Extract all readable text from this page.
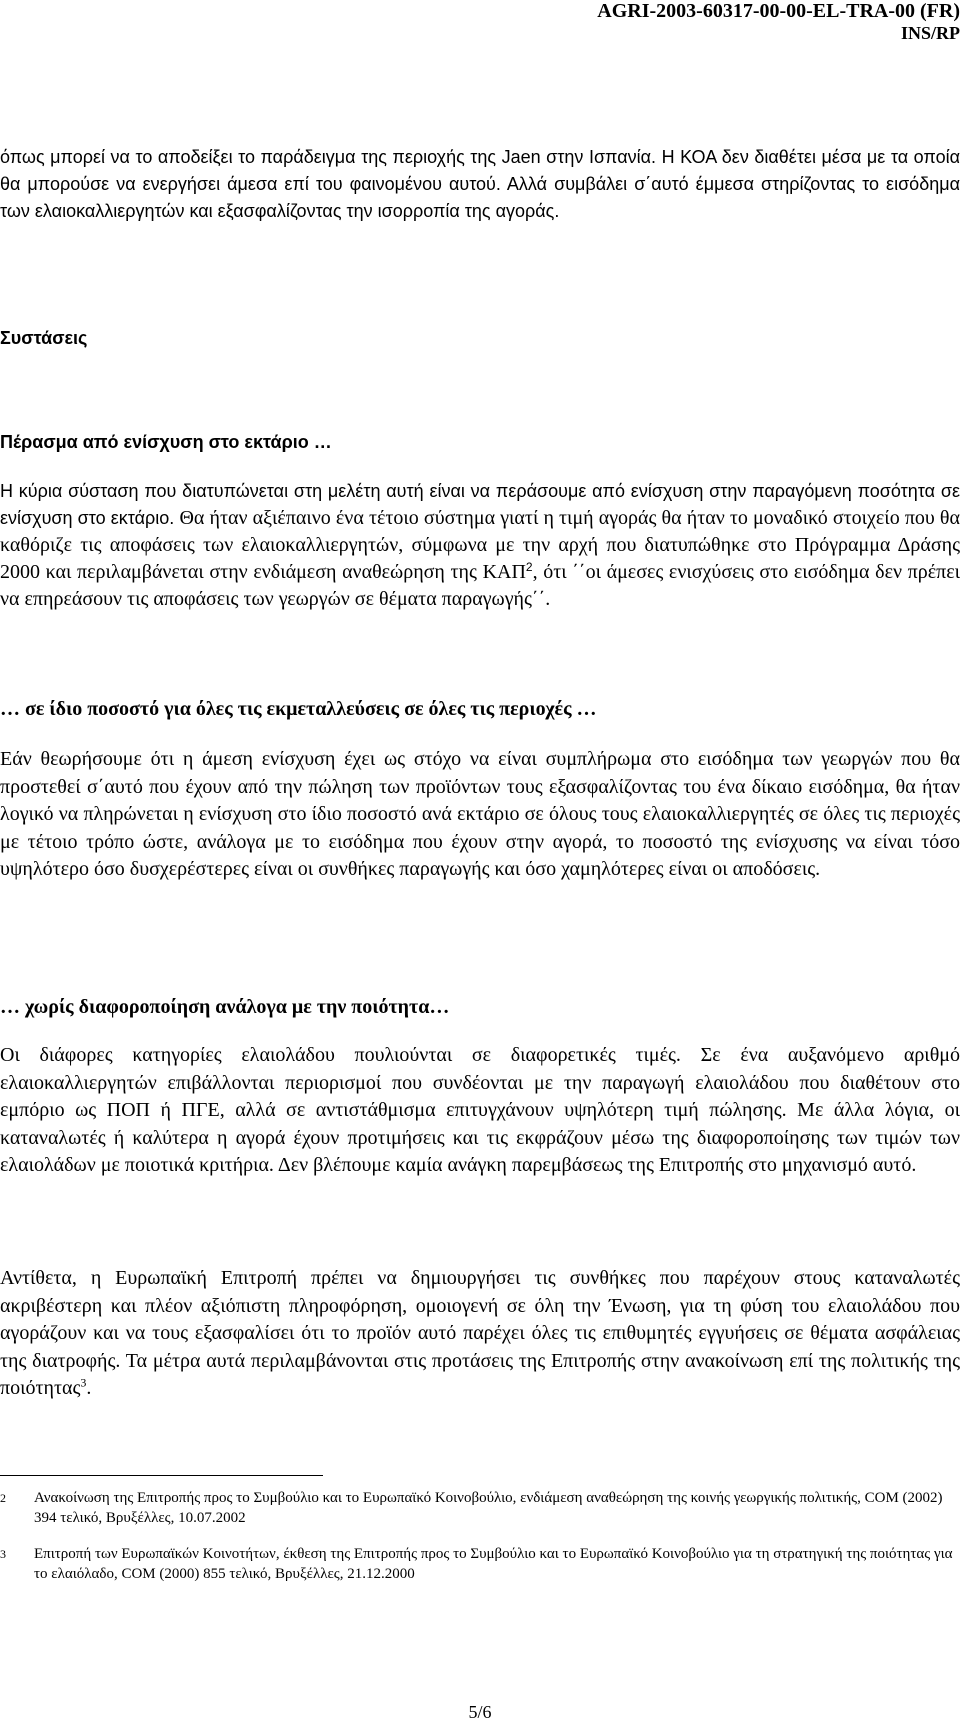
AGRI-2003-60317-00-00-EL-TRA-00 (FR)
INS/RP

όπως μπορεί να το αποδείξει το παράδειγμα της περιοχής της Jaen στην Ισπανία. Η ΚΟΑ δεν διαθέτει μέσα με τα οποία θα μπορούσε να ενεργήσει άμεσα επί του φαινομένου αυτού. Αλλά συμβάλει σ΄αυτό έμμεσα στηρίζοντας το εισόδημα των ελαιοκαλλιεργητών και εξασφαλίζοντας την ισορροπία της αγοράς.

Συστάσεις
Πέρασμα από ενίσχυση στο εκτάριο …

Η κύρια σύσταση που διατυπώνεται στη μελέτη αυτή είναι να περάσουμε από ενίσχυση στην παραγόμενη ποσότητα σε ενίσχυση στο εκτάριο. Θα ήταν αξιέπαινο ένα τέτοιο σύστημα γιατί η τιμή αγοράς θα ήταν το μοναδικό στοιχείο που θα καθόριζε τις αποφάσεις των ελαιοκαλλιεργητών, σύμφωνα με την αρχή που διατυπώθηκε στο Πρόγραμμα Δράσης 2000 και περιλαμβάνεται στην ενδιάμεση αναθεώρηση της ΚΑΠ$^2$, ότι ΄΄οι άμεσες ενισχύσεις στο εισόδημα δεν πρέπει να επηρεάσουν τις αποφάσεις των γεωργών σε θέματα παραγωγής΄΄.

… σε ίδιο ποσοστό για όλες τις εκμεταλλεύσεις σε όλες τις περιοχές …

Εάν θεωρήσουμε ότι η άμεση ενίσχυση έχει ως στόχο να είναι συμπλήρωμα στο εισόδημα των γεωργών που θα προστεθεί σ΄αυτό που έχουν από την πώληση των προϊόντων τους εξασφαλίζοντας του ένα δίκαιο εισόδημα, θα ήταν λογικό να πληρώνεται η ενίσχυση στο ίδιο ποσοστό ανά εκτάριο σε όλους τους ελαιοκαλλιεργητές σε όλες τις περιοχές με τέτοιο τρόπο ώστε, ανάλογα με το εισόδημα που έχουν στην αγορά, το ποσοστό της ενίσχυσης να είναι τόσο υψηλότερο όσο δυσχερέστερες είναι οι συνθήκες παραγωγής και όσο χαμηλότερες είναι οι αποδόσεις.

… χωρίς διαφοροποίηση ανάλογα με την ποιότητα…

Οι διάφορες κατηγορίες ελαιολάδου πουλιούνται σε διαφορετικές τιμές. Σε ένα αυξανόμενο αριθμό ελαιοκαλλιεργητών επιβάλλονται περιορισμοί που συνδέονται με την παραγωγή ελαιολάδου που διαθέτουν στο εμπόριο ως ΠΟΠ ή ΠΓΕ, αλλά σε αντιστάθμισμα επιτυγχάνουν υψηλότερη τιμή πώλησης. Με άλλα λόγια, οι καταναλωτές ή καλύτερα η αγορά έχουν προτιμήσεις και τις εκφράζουν μέσω της διαφοροποίησης των τιμών των ελαιολάδων με ποιοτικά κριτήρια. Δεν βλέπουμε καμία ανάγκη παρεμβάσεως της Επιτροπής στο μηχανισμό αυτό.

Αντίθετα, η Ευρωπαϊκή Επιτροπή πρέπει να δημιουργήσει τις συνθήκες που παρέχουν στους καταναλωτές ακριβέστερη και πλέον αξιόπιστη πληροφόρηση, ομοιογενή σε όλη την Ένωση, για τη φύση του ελαιολάδου που αγοράζουν και να τους εξασφαλίσει ότι το προϊόν αυτό παρέχει όλες τις επιθυμητές εγγυήσεις σε θέματα ασφάλειας της διατροφής. Τα μέτρα αυτά περιλαμβάνονται στις προτάσεις της Επιτροπής στην ανακοίνωση επί της πολιτικής της ποιότητας$^3$.

2 Ανακοίνωση της Επιτροπής προς το Συμβούλιο και το Ευρωπαϊκό Κοινοβούλιο, ενδιάμεση αναθεώρηση της κοινής γεωργικής πολιτικής, COM (2002) 394 τελικό, Βρυξέλλες, 10.07.2002
3 Επιτροπή των Ευρωπαϊκών Κοινοτήτων, έκθεση της Επιτροπής προς το Συμβούλιο και το Ευρωπαϊκό Κοινοβούλιο για τη στρατηγική της ποιότητας για το ελαιόλαδο, COM (2000) 855 τελικό, Βρυξέλλες, 21.12.2000
5/6
